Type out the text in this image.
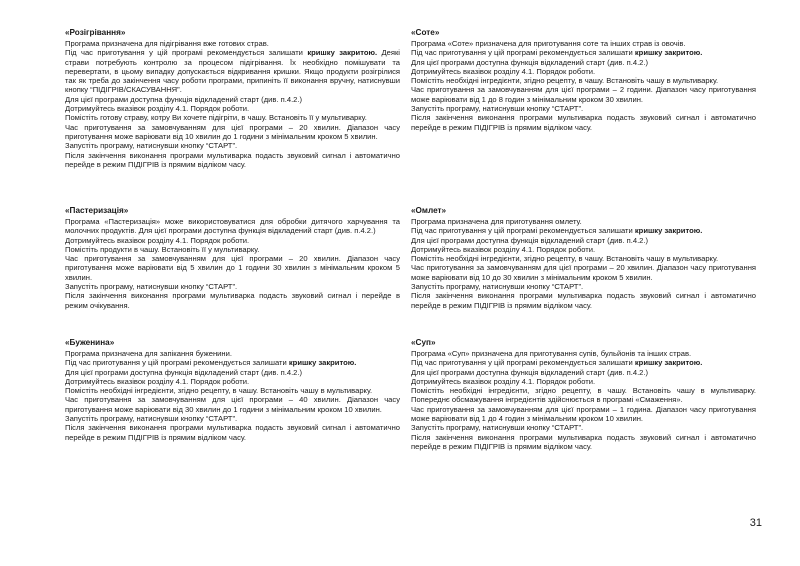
«Розігрівання»

Програма призначена для підігрівання вже готових страв.

Під час приготування у цій програмі рекомендується залишати кришку закритою. Деякі страви потребують контролю за процесом підігрівання. Їх необхідно помішувати та перевертати, в цьому випадку допускається відкривання кришки. Якщо продукти розігрілися так як треба до закінчення часу роботи програми, припиніть її виконання вручну, натиснувши кнопку “ПІДІГРІВ/СКАСУВАННЯ”.

Для цієї програми доступна функція відкладений старт (див. п.4.2.)

Дотримуйтесь вказівок розділу 4.1. Порядок роботи.

Помістіть готову страву, котру Ви хочете підігріти, в чашу. Встановіть її у мультиварку.

Час приготування за замовчуванням для цієї програми – 20 хвилин. Діапазон часу приготування може варіювати від 10 хвилин до 1 години з мінімальним кроком 5 хвилин.

Запустіть програму, натиснувши кнопку “СТАРТ”.

Після закінчення виконання програми мультиварка подасть звуковий сигнал і автоматично перейде в режим ПІДІГРІВ із прямим відліком часу.

«Пастеризація»

Програма «Пастеризація» може використовуватися для обробки дитячого харчування та молочних продуктів. Для цієї програми доступна функція відкладений старт (див. п.4.2.)

Дотримуйтесь вказівок розділу 4.1. Порядок роботи.

Помістіть продукти в чашу. Встановіть її у мультиварку.

Час приготування за замовчуванням для цієї програми – 20 хвилин. Діапазон часу приготування може варіювати від 5 хвилин до 1 години 30 хвилин з мінімальним кроком 5 хвилин.

Запустіть програму, натиснувши кнопку “СТАРТ”.

Після закінчення виконання програми мультиварка подасть звуковий сигнал і перейде в режим очікування.

«Буженина»

Програма призначена для запікання буженини.

Під час приготування у цій програмі рекомендується залишати кришку закритою.

Для цієї програми доступна функція відкладений старт (див. п.4.2.)

Дотримуйтесь вказівок розділу 4.1. Порядок роботи.

Помістіть необхідні інгредієнти, згідно рецепту, в чашу. Встановіть чашу в мультиварку.

Час приготування за замовчуванням для цієї програми – 40 хвилин. Діапазон часу приготування може варіювати від 30 хвилин до 1 години з мінімальним кроком 10 хвилин.

Запустіть програму, натиснувши кнопку “СТАРТ”.

Після закінчення виконання програми мультиварка подасть звуковий сигнал і автоматично перейде в режим ПІДІГРІВ із прямим відліком часу.

«Соте»

Програма «Соте» призначена для приготування соте та інших страв із овочів.

Під час приготування у цій програмі рекомендується залишати кришку закритою.

Для цієї програми доступна функція відкладений старт (див. п.4.2.)

Дотримуйтесь вказівок розділу 4.1. Порядок роботи.

Помістіть необхідні інгредієнти, згідно рецепту, в чашу. Встановіть чашу в мультиварку.

Час приготування за замовчуванням для цієї програми – 2 години. Діапазон часу приготування може варіювати від 1 до 8 годин з мінімальним кроком 30 хвилин.

Запустіть програму, натиснувши кнопку “СТАРТ”.

Після закінчення виконання програми мультиварка подасть звуковий сигнал і автоматично перейде в режим ПІДІГРІВ із прямим відліком часу.

«Омлет»

Програма призначена для приготування омлету.

Під час приготування у цій програмі рекомендується залишати кришку закритою.

Для цієї програми доступна функція відкладений старт (див. п.4.2.)

Дотримуйтесь вказівок розділу 4.1. Порядок роботи.

Помістіть необхідні інгредієнти, згідно рецепту, в чашу. Встановіть чашу в мультиварку.

Час приготування за замовчуванням для цієї програми – 20 хвилин. Діапазон часу приготування може варіювати від 10 до 30 хвилин з мінімальним кроком 5 хвилин.

Запустіть програму, натиснувши кнопку “СТАРТ”.

Після закінчення виконання програми мультиварка подасть звуковий сигнал і автоматично перейде в режим ПІДІГРІВ із прямим відліком часу.

«Суп»

Програма «Суп» призначена для приготування супів, бульйонів та інших страв.

Під час приготування у цій програмі рекомендується залишати кришку закритою.

Для цієї програми доступна функція відкладений старт (див. п.4.2.)

Дотримуйтесь вказівок розділу 4.1. Порядок роботи.

Помістіть необхідні інгредієнти, згідно рецепту, в чашу. Встановіть чашу в мультиварку. Попереднє обсмажування інгредієнтів здійснюється в програмі «Смаження».

Час приготування за замовчуванням для цієї програми – 1 година. Діапазон часу приготування може варіювати від 1 до 4 годин з мінімальним кроком 10 хвилин.

Запустіть програму, натиснувши кнопку “СТАРТ”.

Після закінчення виконання програми мультиварка подасть звуковий сигнал і автоматично перейде в режим ПІДІГРІВ із прямим відліком часу.

31
